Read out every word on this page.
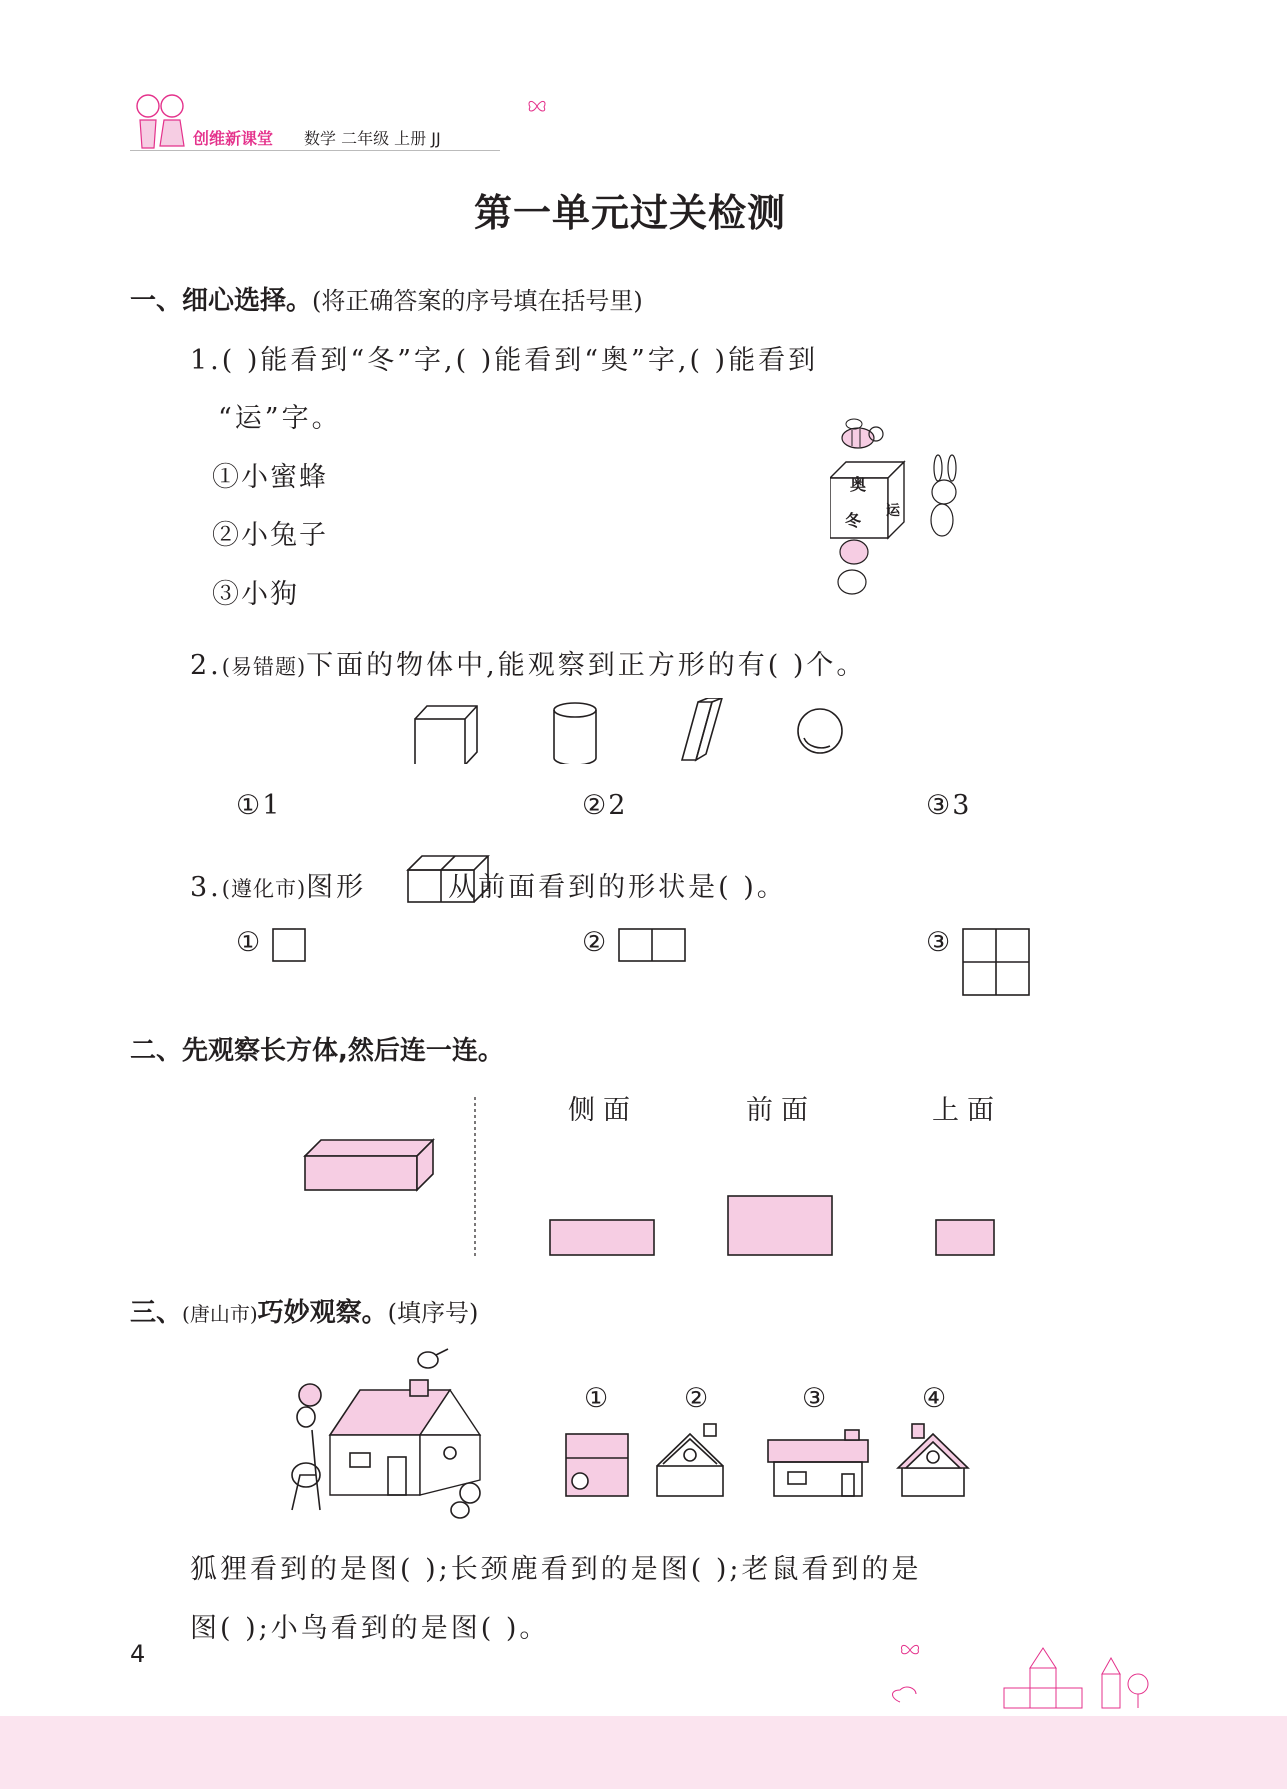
创维新课堂 数学 二年级 上册 JJ
第一单元过关检测
一、细心选择。(将正确答案的序号填在括号里)
1.( )能看到“冬”字,( )能看到“奥”字,( )能看到
“运”字。
①小蜜蜂
②小兔子
③小狗
奥
冬 运
2.(易错题)下面的物体中,能观察到正方形的有( )个。
①1	②2	③3
3.(遵化市)图形	从前面看到的形状是( )。
①	②	③
二、先观察长方体,然后连一连。
侧面	前面	上面
三、(唐山市)巧妙观察。(填序号)
①	②	③	④
狐狸看到的是图( );长颈鹿看到的是图( );老鼠看到的是
图( );小鸟看到的是图( )。
4
